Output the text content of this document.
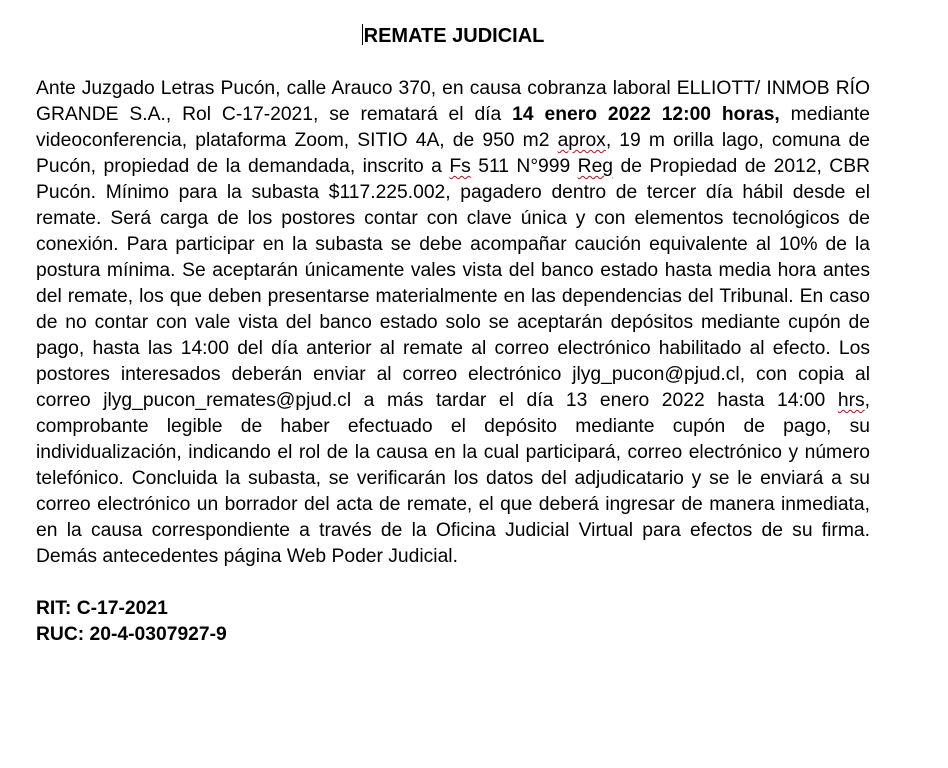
REMATE JUDICIAL

Ante Juzgado Letras Pucón, calle Arauco 370, en causa cobranza laboral ELLIOTT/ INMOB RÍO GRANDE S.A., Rol C-17-2021, se rematará el día 14 enero 2022 12:00 horas, mediante videoconferencia, plataforma Zoom, SITIO 4A, de 950 m2 aprox, 19 m orilla lago, comuna de Pucón, propiedad de la demandada, inscrito a Fs 511 N°999 Reg de Propiedad de 2012, CBR Pucón. Mínimo para la subasta $117.225.002, pagadero dentro de tercer día hábil desde el remate. Será carga de los postores contar con clave única y con elementos tecnológicos de conexión. Para participar en la subasta se debe acompañar caución equivalente al 10% de la postura mínima. Se aceptarán únicamente vales vista del banco estado hasta media hora antes del remate, los que deben presentarse materialmente en las dependencias del Tribunal. En caso de no contar con vale vista del banco estado solo se aceptarán depósitos mediante cupón de pago, hasta las 14:00 del día anterior al remate al correo electrónico habilitado al efecto. Los postores interesados deberán enviar al correo electrónico jlyg_pucon@pjud.cl, con copia al correo jlyg_pucon_remates@pjud.cl a más tardar el día 13 enero 2022 hasta 14:00 hrs, comprobante legible de haber efectuado el depósito mediante cupón de pago, su individualización, indicando el rol de la causa en la cual participará, correo electrónico y número telefónico. Concluida la subasta, se verificarán los datos del adjudicatario y se le enviará a su correo electrónico un borrador del acta de remate, el que deberá ingresar de manera inmediata, en la causa correspondiente a través de la Oficina Judicial Virtual para efectos de su firma. Demás antecedentes página Web Poder Judicial.

RIT: C-17-2021
RUC: 20-4-0307927-9
